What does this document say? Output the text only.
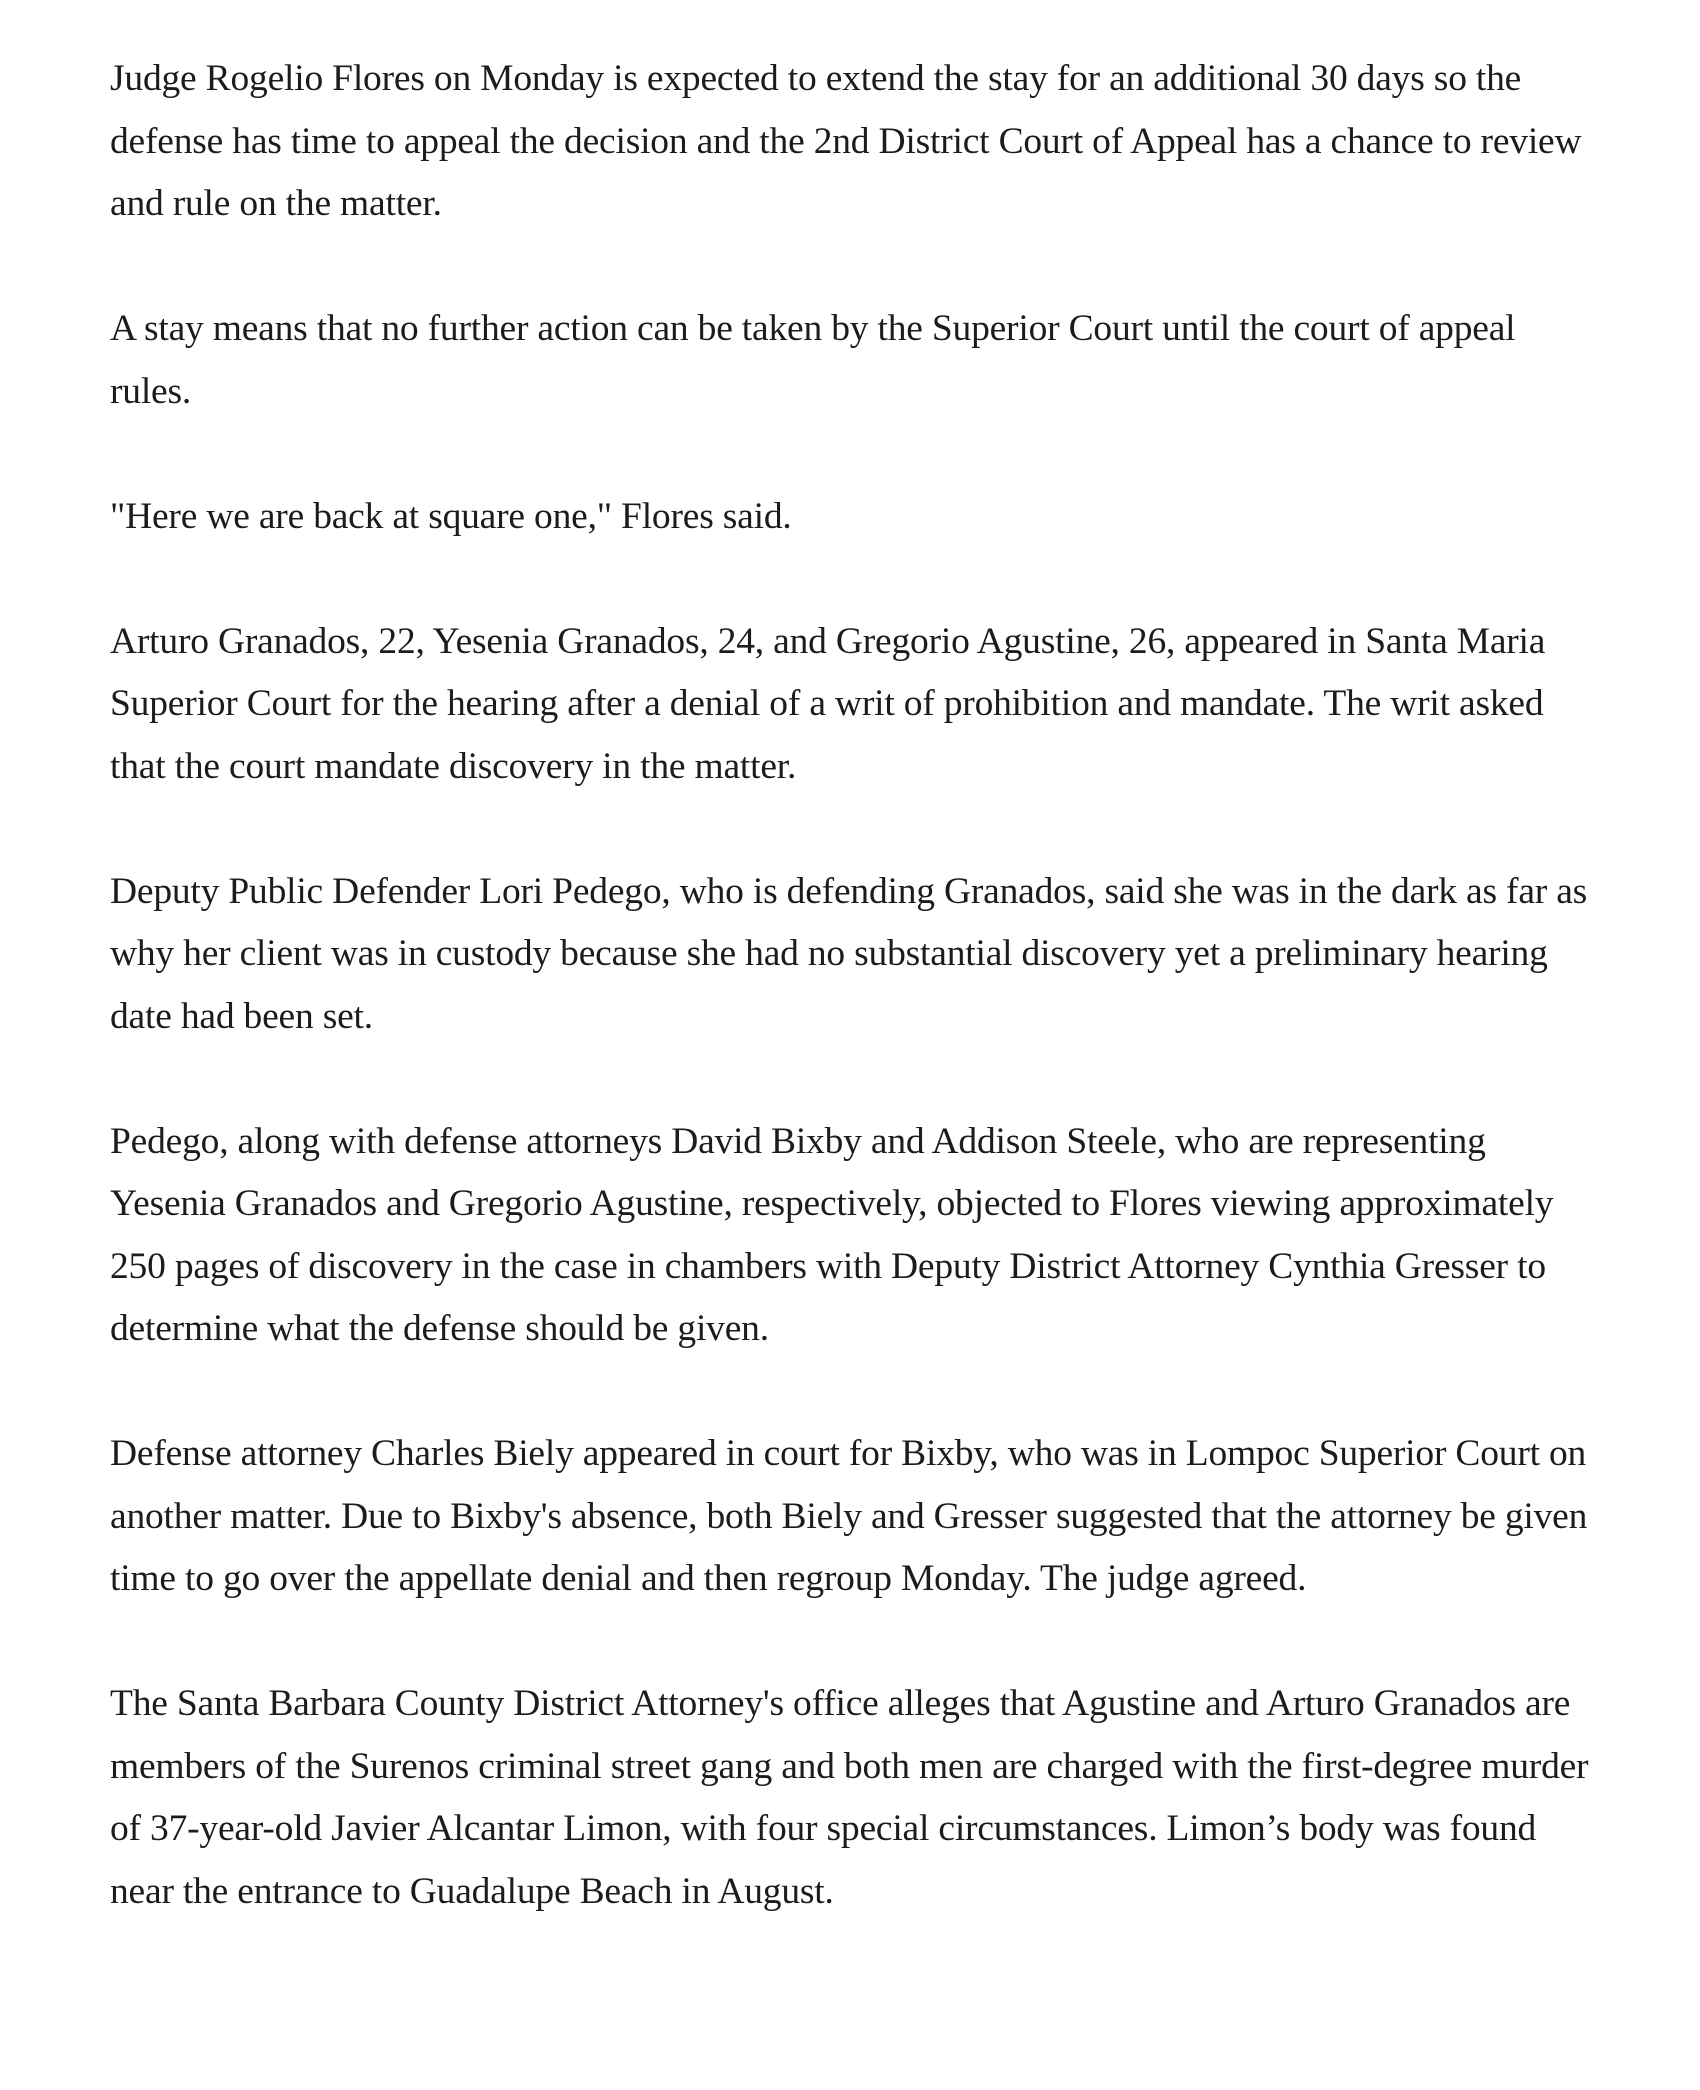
Judge Rogelio Flores on Monday is expected to extend the stay for an additional 30 days so the defense has time to appeal the decision and the 2nd District Court of Appeal has a chance to review and rule on the matter.

A stay means that no further action can be taken by the Superior Court until the court of appeal rules.

"Here we are back at square one," Flores said.

Arturo Granados, 22, Yesenia Granados, 24, and Gregorio Agustine, 26, appeared in Santa Maria Superior Court for the hearing after a denial of a writ of prohibition and mandate. The writ asked that the court mandate discovery in the matter.

Deputy Public Defender Lori Pedego, who is defending Granados, said she was in the dark as far as why her client was in custody because she had no substantial discovery yet a preliminary hearing date had been set.

Pedego, along with defense attorneys David Bixby and Addison Steele, who are representing Yesenia Granados and Gregorio Agustine, respectively, objected to Flores viewing approximately 250 pages of discovery in the case in chambers with Deputy District Attorney Cynthia Gresser to determine what the defense should be given.

Defense attorney Charles Biely appeared in court for Bixby, who was in Lompoc Superior Court on another matter. Due to Bixby's absence, both Biely and Gresser suggested that the attorney be given time to go over the appellate denial and then regroup Monday. The judge agreed.

The Santa Barbara County District Attorney's office alleges that Agustine and Arturo Granados are members of the Surenos criminal street gang and both men are charged with the first-degree murder of 37-year-old Javier Alcantar Limon, with four special circumstances. Limon’s body was found near the entrance to Guadalupe Beach in August.
